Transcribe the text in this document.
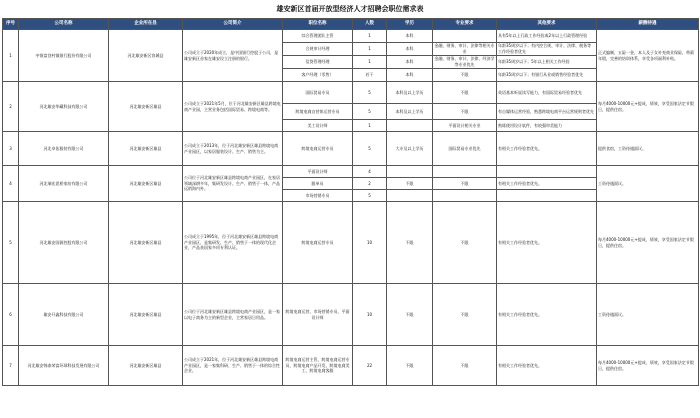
雄安新区首届开放型经济人才招聘会职位需求表
序号	公司名称	企业所在县	公司简介	职位名称	人数	学历	专业要求	其他要求	薪酬待遇
1	中银富登村镇银行股份有限公司	河北雄安新区容城县	公司成立于2020年成立，是中国银行控股子公司，是雄安新区首家在雄安设立注册的银行。	综合管理团队主管	1	本科		具有5年以上行政工作经验或2年以上行政管理经验	正式编制，五险一金，本人及子女补充商业保险，带薪年假，完善的培训体系，享受各项福利补贴。
				合规审计经理	1	本科	金融、财务、审计、法律等相关专业	年龄35周岁以下；有内控合规、审计、法律、税务等工作经验者优先	
				信贷管理经理	1	本科	金融、财务、审计、法律、经济学等专业优先	年龄35周岁以下；5年以上相关工作经验	
				客户经理（零售）	若干	本科	不限	年龄35周岁以下；有银行从业或销售经验者优先	
2	河北雄安华藏科技有限公司	河北雄安新区雄县	公司成立于2021年5月，位于河北雄安新区雄县跨境电商产业园，主营业务包括国际贸易、跨境电商等。	国际贸易专员	5	本科及以上学历	不限	英语基本听说读写能力，有国际贸易经验者优先	每月4000-10000元+提成，绩效，享受国家法定节假日，提供住宿。
				跨境电商自营体运营专员	5	本科及以上学历	不限	有自媒体运营经验，熟悉跨境电商平台运营规则者优先	
				美工设计师	1		平面设计相关专业	熟练使用设计软件，有较强审美能力	
3	河北卓佑服装有限公司	河北雄安新区雄县	公司成立于2013年，位于河北雄安新区雄县跨境电商产业园区，以家居服装设计、生产、销售为主。	跨境电商运营专员	5	大专及以上学历	国际贸易专业优先	有相关工作经验者优先。	提供食宿，工资待遇面议。
4	河北瑞宏思桥家纺有限公司	河北雄安新区雄县	公司位于河北雄安新区雄县跨境电商产业园区，在家居领域深耕多年，集研发设计、生产、销售于一体，产品远销海内外。	平面设计师	4				工资待遇面议。
				跟单员	2	不限	不限	有相关工作经验者优先。	
				市场营销专员	5				
5	河北雄安国源控股有限公司	河北雄安新区雄县	公司成立于1995年，位于河北雄安新区雄县跨境电商产业园区，是集研发、生产、销售于一体的现代化企业，产品获国家多项专利认证。	跨境电商运营专员	10	不限	不限	有相关工作经验者优先。	每月4000-10000元+提成，绩效，享受国家法定节假日，提供住宿。
6	雄安开鑫科技有限公司	河北雄安新区雄县	公司位于河北雄安新区雄县跨境电商产业园区，是一家以电子商务为主的新型企业，主营家居日用品。	跨境电商运营、市场营销专员、平面设计师	10	不限	不限	有相关工作经验者优先。	工资待遇面议。
7	河北雄安锦泰荣富环球科技发展有限公司	河北雄安新区雄县	公司成立于2021年，位于河北雄安新区雄县跨境电商产业园区，是一家集科研、生产、销售于一体的综合性企业。	跨境电商运营主管、跨境电商运营专员、跨境电商产品开发、跨境电商美工、跨境电商客服	22	不限	不限	有相关工作经验者优先。	每月4000-10000元+提成，绩效，享受国家法定节假日，提供住宿。
